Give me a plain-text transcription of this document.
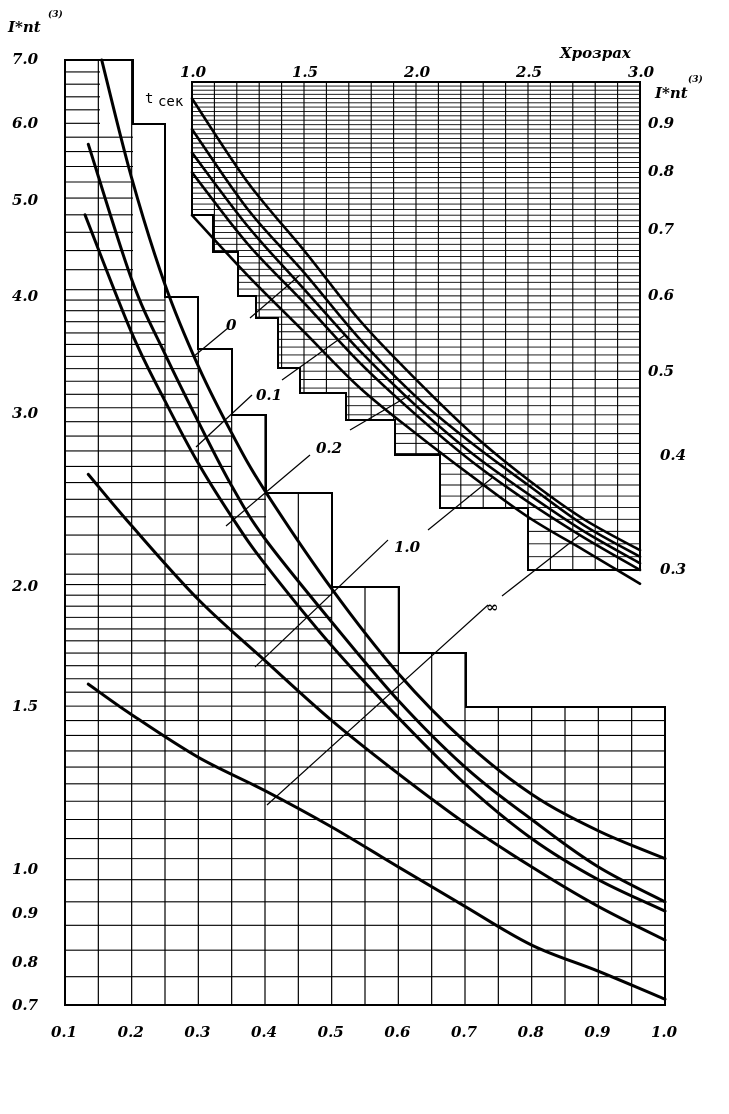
7.0
6.0
5.0
4.0
3.0
2.0
1.5
1.0
0.9
0.8
0.7
0.1	0.2	0.3	0.4	0.5	0.6	0.7	0.8	0.9	1.0
I*nt
(3)
1.0	1.5	2.0	2.5	3.0
Xрозрах
I*nt
(3)
0.9
0.8
0.7
0.6
0.5
0.4
0.3
t сек
0
0.1
0.2
1.0
∞
